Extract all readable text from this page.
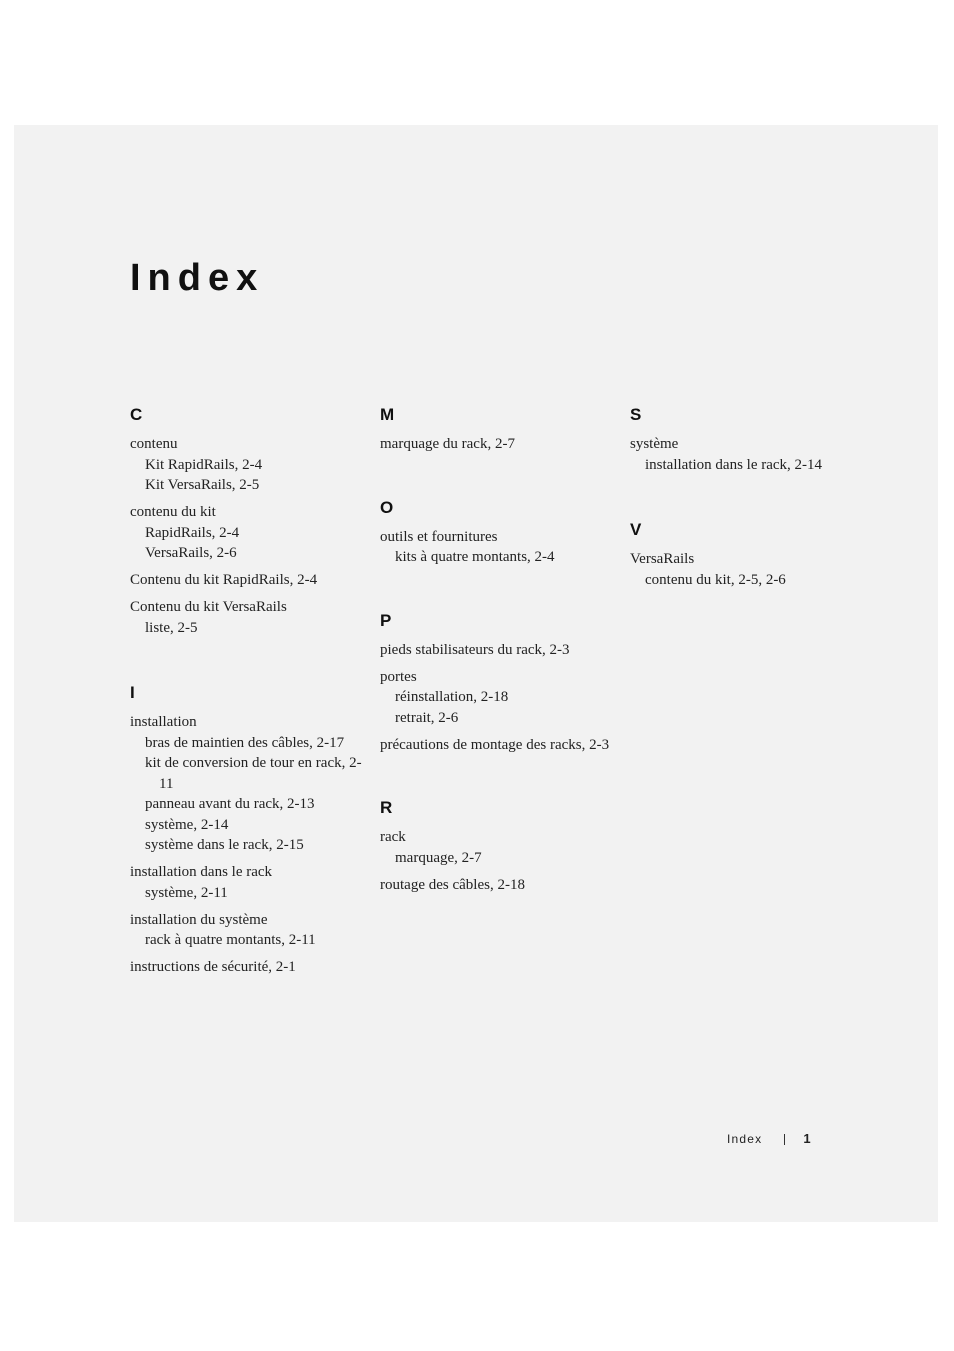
Index
C
contenu
Kit RapidRails, 2-4
Kit VersaRails, 2-5
contenu du kit
RapidRails, 2-4
VersaRails, 2-6
Contenu du kit RapidRails, 2-4
Contenu du kit VersaRails
liste, 2-5
I
installation
bras de maintien des câbles, 2-17
kit de conversion de tour en rack, 2-11
panneau avant du rack, 2-13
système, 2-14
système dans le rack, 2-15
installation dans le rack
système, 2-11
installation du système
rack à quatre montants, 2-11
instructions de sécurité, 2-1
M
marquage du rack, 2-7
O
outils et fournitures
kits à quatre montants, 2-4
P
pieds stabilisateurs du rack, 2-3
portes
réinstallation, 2-18
retrait, 2-6
précautions de montage des racks, 2-3
R
rack
marquage, 2-7
routage des câbles, 2-18
S
système
installation dans le rack, 2-14
V
VersaRails
contenu du kit, 2-5, 2-6
Index	1
